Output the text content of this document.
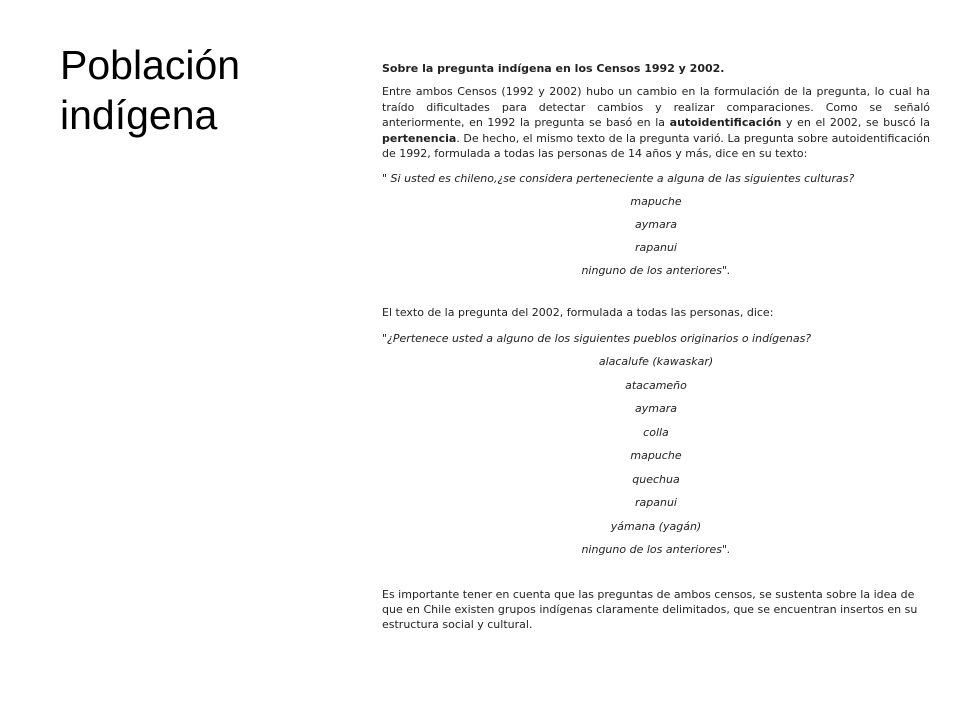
Población
indígena
Sobre la pregunta indígena en los Censos 1992 y 2002.
Entre ambos Censos (1992 y 2002) hubo un cambio en la formulación de la pregunta, lo cual ha traído dificultades para detectar cambios y realizar comparaciones. Como se señaló anteriormente, en 1992 la pregunta se basó en la autoidentificación y en el 2002, se buscó la pertenencia. De hecho, el mismo texto de la pregunta varió. La pregunta sobre autoidentificación de 1992, formulada a todas las personas de 14 años y más, dice en su texto:
" Si usted es chileno,¿se considera perteneciente a alguna de las siguientes culturas?
mapuche
aymara
rapanui
ninguno de los anteriores".
El texto de la pregunta del 2002, formulada a todas las personas, dice:
"¿Pertenece usted a alguno de los siguientes pueblos originarios o indígenas?
alacalufe (kawaskar)
atacameño
aymara
colla
mapuche
quechua
rapanui
yámana (yagán)
ninguno de los anteriores".
Es importante tener en cuenta que las preguntas de ambos censos, se sustenta sobre la idea de que en Chile existen grupos indígenas claramente delimitados, que se encuentran insertos en su estructura social y cultural.
